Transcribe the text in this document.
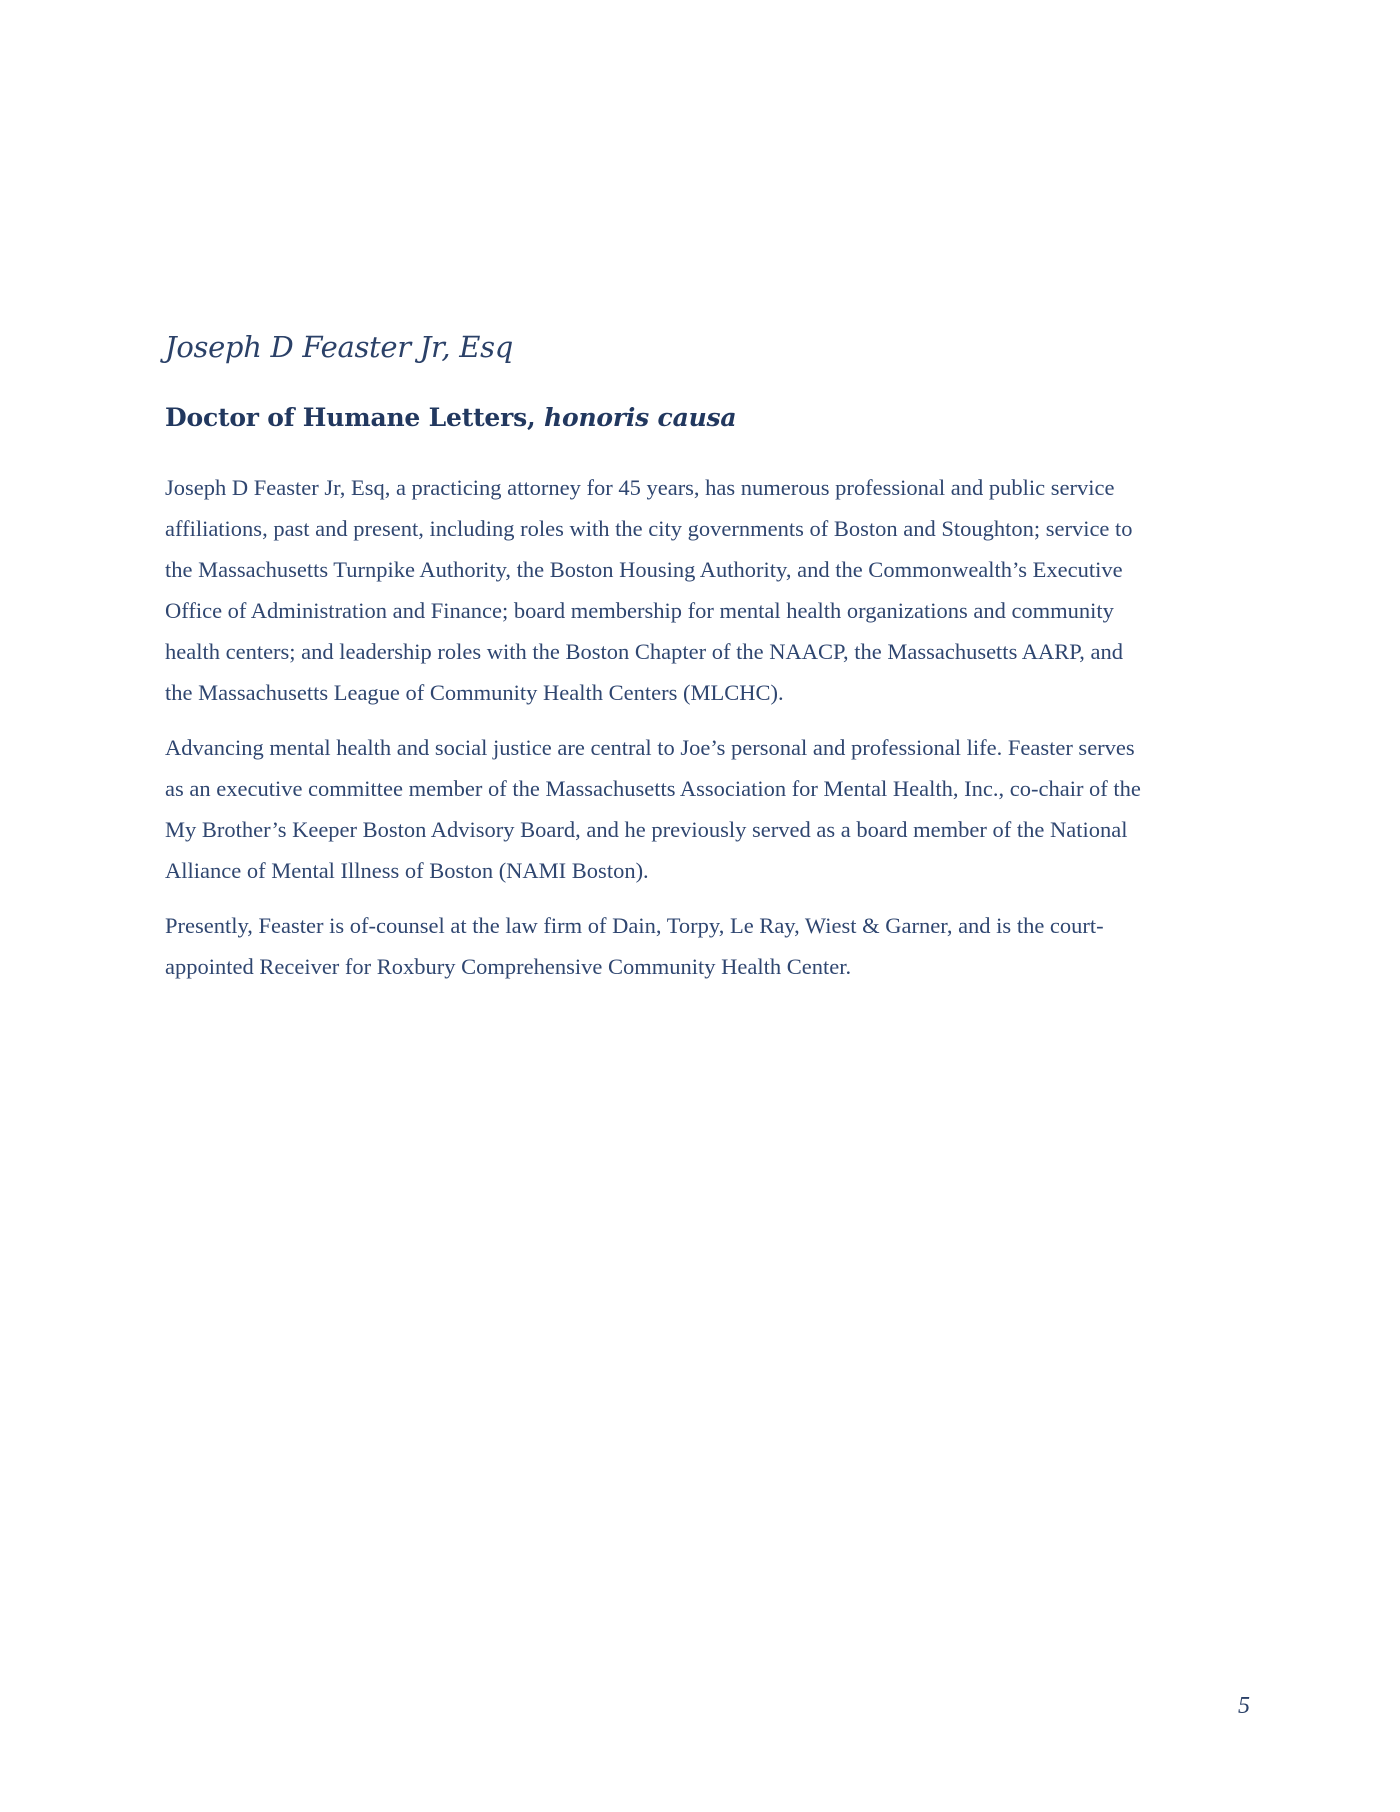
Joseph D Feaster Jr, Esq
Doctor of Humane Letters, honoris causa

Joseph D Feaster Jr, Esq, a practicing attorney for 45 years, has numerous professional and public service affiliations, past and present, including roles with the city governments of Boston and Stoughton; service to the Massachusetts Turnpike Authority, the Boston Housing Authority, and the Commonwealth’s Executive Office of Administration and Finance; board membership for mental health organizations and community health centers; and leadership roles with the Boston Chapter of the NAACP, the Massachusetts AARP, and the Massachusetts League of Community Health Centers (MLCHC).

Advancing mental health and social justice are central to Joe’s personal and professional life. Feaster serves as an executive committee member of the Massachusetts Association for Mental Health, Inc., co-chair of the My Brother’s Keeper Boston Advisory Board, and he previously served as a board member of the National Alliance of Mental Illness of Boston (NAMI Boston).

Presently, Feaster is of-counsel at the law firm of Dain, Torpy, Le Ray, Wiest & Garner, and is the court-appointed Receiver for Roxbury Comprehensive Community Health Center.

5
